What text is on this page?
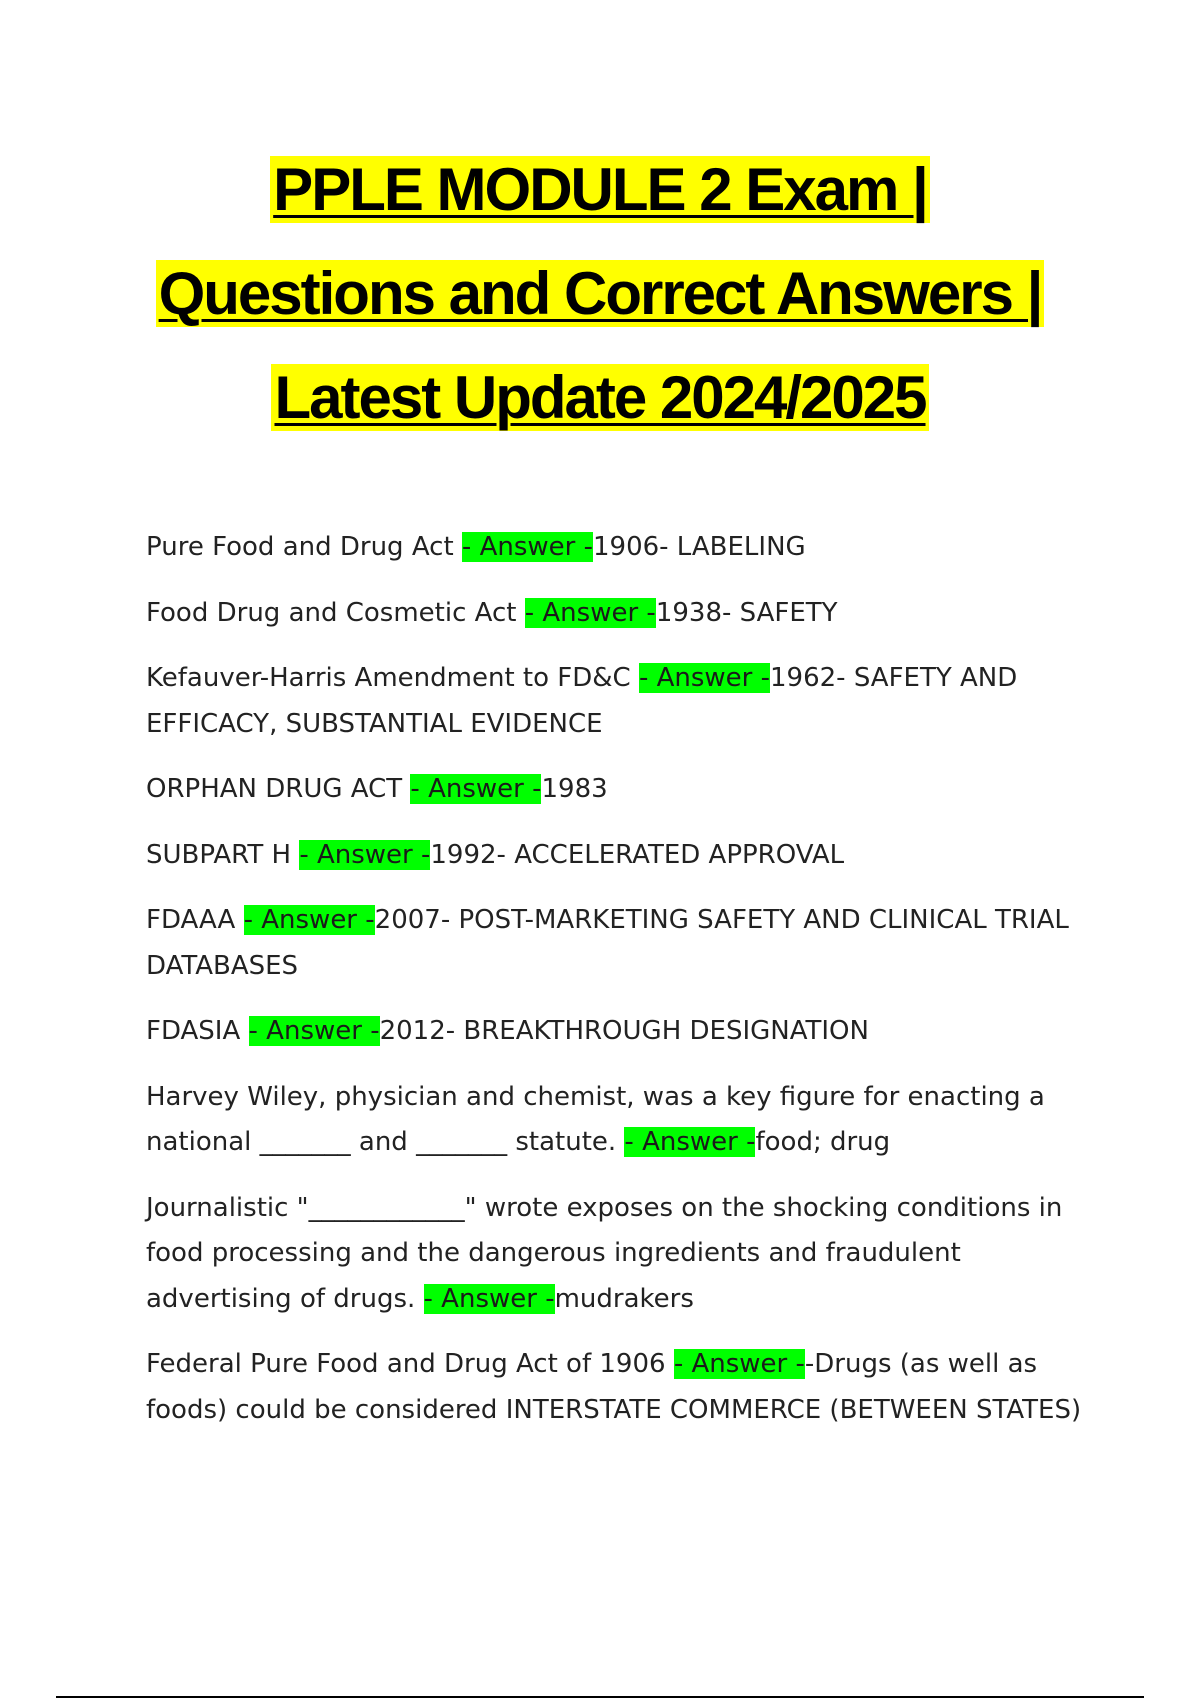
PPLE MODULE 2 Exam |
Questions and Correct Answers |
Latest Update 2024/2025

Pure Food and Drug Act - Answer -1906- LABELING

Food Drug and Cosmetic Act - Answer -1938- SAFETY

Kefauver-Harris Amendment to FD&C - Answer -1962- SAFETY AND EFFICACY, SUBSTANTIAL EVIDENCE

ORPHAN DRUG ACT - Answer -1983

SUBPART H - Answer -1992- ACCELERATED APPROVAL

FDAAA - Answer -2007- POST-MARKETING SAFETY AND CLINICAL TRIAL DATABASES

FDASIA - Answer -2012- BREAKTHROUGH DESIGNATION

Harvey Wiley, physician and chemist, was a key figure for enacting a national _______ and _______ statute. - Answer -food; drug

Journalistic "____________" wrote exposes on the shocking conditions in food processing and the dangerous ingredients and fraudulent advertising of drugs. - Answer -mudrakers

Federal Pure Food and Drug Act of 1906 - Answer --Drugs (as well as foods) could be considered INTERSTATE COMMERCE (BETWEEN STATES)
